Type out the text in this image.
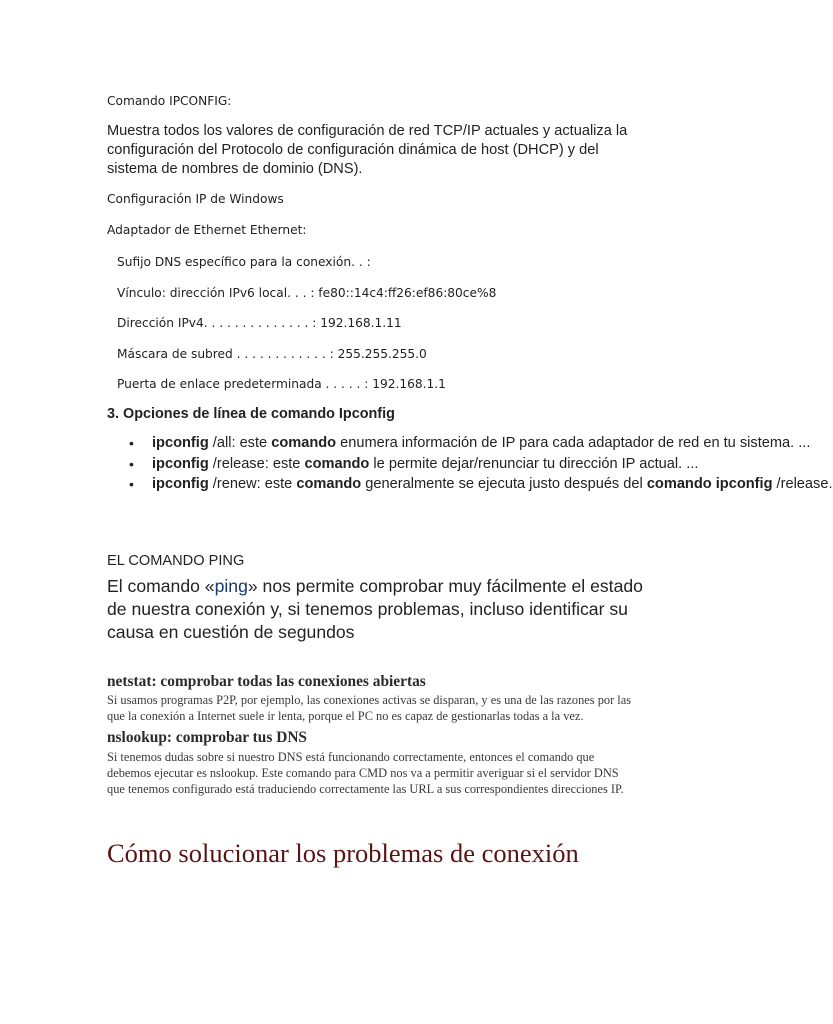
Comando IPCONFIG:
Muestra todos los valores de configuración de red TCP/IP actuales y actualiza la configuración del Protocolo de configuración dinámica de host (DHCP) y del sistema de nombres de dominio (DNS).
Configuración IP de Windows
Adaptador de Ethernet Ethernet:
Sufijo DNS específico para la conexión. . :
Vínculo: dirección IPv6 local. . . : fe80::14c4:ff26:ef86:80ce%8
Dirección IPv4. . . . . . . . . . . . . . : 192.168.1.11
Máscara de subred . . . . . . . . . . . . : 255.255.255.0
Puerta de enlace predeterminada . . . . . : 192.168.1.1
3. Opciones de línea de comando Ipconfig
• ipconfig /all: este comando enumera información de IP para cada adaptador de red en tu sistema. ...
• ipconfig /release: este comando le permite dejar/renunciar tu dirección IP actual. ...
• ipconfig /renew: este comando generalmente se ejecuta justo después del comando ipconfig /release.
EL COMANDO PING
El comando «ping» nos permite comprobar muy fácilmente el estado de nuestra conexión y, si tenemos problemas, incluso identificar su causa en cuestión de segundos
netstat: comprobar todas las conexiones abiertas
Si usamos programas P2P, por ejemplo, las conexiones activas se disparan, y es una de las razones por las que la conexión a Internet suele ir lenta, porque el PC no es capaz de gestionarlas todas a la vez.
nslookup: comprobar tus DNS
Si tenemos dudas sobre si nuestro DNS está funcionando correctamente, entonces el comando que debemos ejecutar es nslookup. Este comando para CMD nos va a permitir averiguar si el servidor DNS que tenemos configurado está traduciendo correctamente las URL a sus correspondientes direcciones IP.
Cómo solucionar los problemas de conexión
